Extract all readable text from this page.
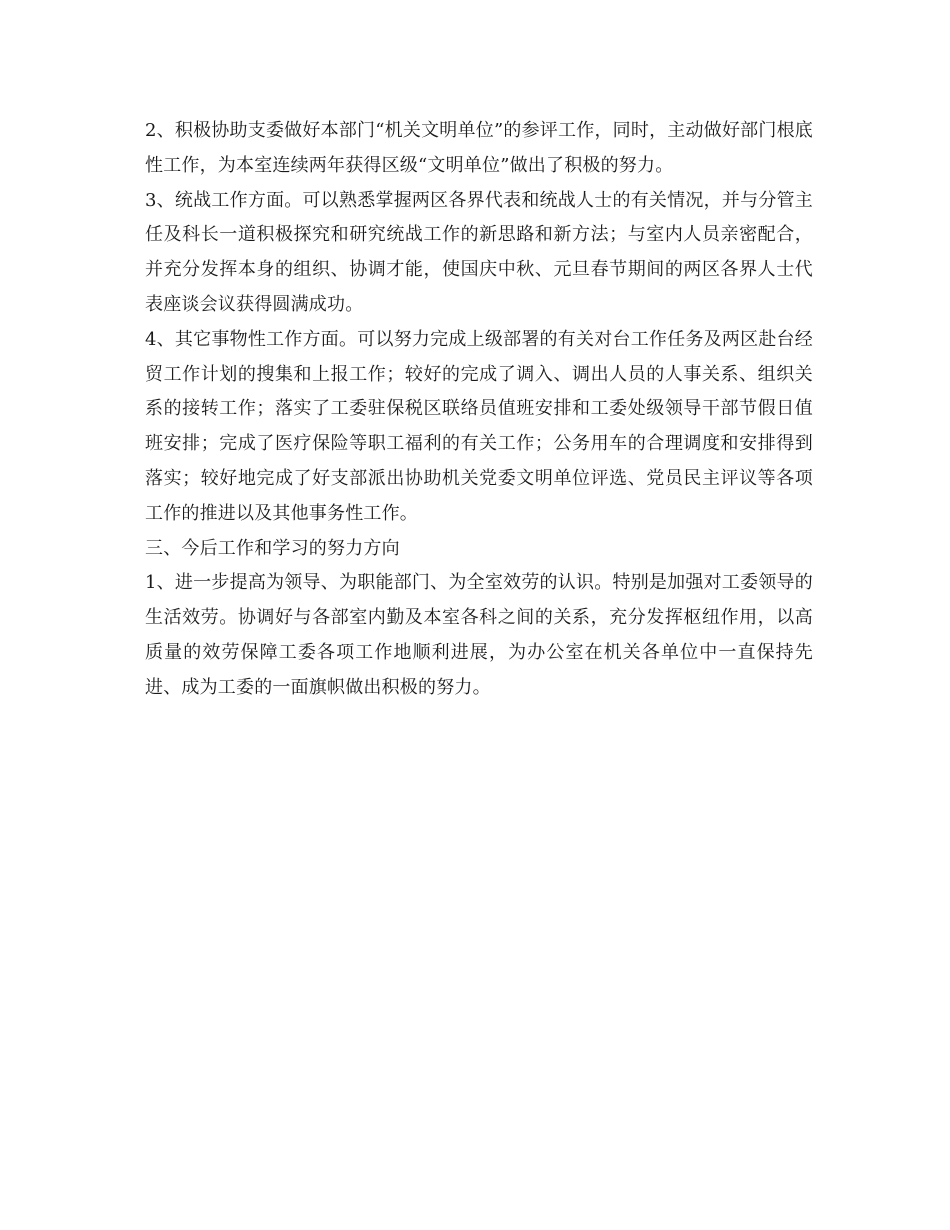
2、积极协助支委做好本部门“机关文明单位”的参评工作，同时，主动做好部门根底性工作，为本室连续两年获得区级“文明单位”做出了积极的努力。

3、统战工作方面。可以熟悉掌握两区各界代表和统战人士的有关情况，并与分管主任及科长一道积极探究和研究统战工作的新思路和新方法；与室内人员亲密配合，并充分发挥本身的组织、协调才能，使国庆中秋、元旦春节期间的两区各界人士代表座谈会议获得圆满成功。

4、其它事物性工作方面。可以努力完成上级部署的有关对台工作任务及两区赴台经贸工作计划的搜集和上报工作；较好的完成了调入、调出人员的人事关系、组织关系的接转工作；落实了工委驻保税区联络员值班安排和工委处级领导干部节假日值班安排；完成了医疗保险等职工福利的有关工作；公务用车的合理调度和安排得到落实；较好地完成了好支部派出协助机关党委文明单位评选、党员民主评议等各项工作的推进以及其他事务性工作。

三、今后工作和学习的努力方向

1、进一步提高为领导、为职能部门、为全室效劳的认识。特别是加强对工委领导的生活效劳。协调好与各部室内勤及本室各科之间的关系，充分发挥枢纽作用，以高质量的效劳保障工委各项工作地顺利进展，为办公室在机关各单位中一直保持先进、成为工委的一面旗帜做出积极的努力。
